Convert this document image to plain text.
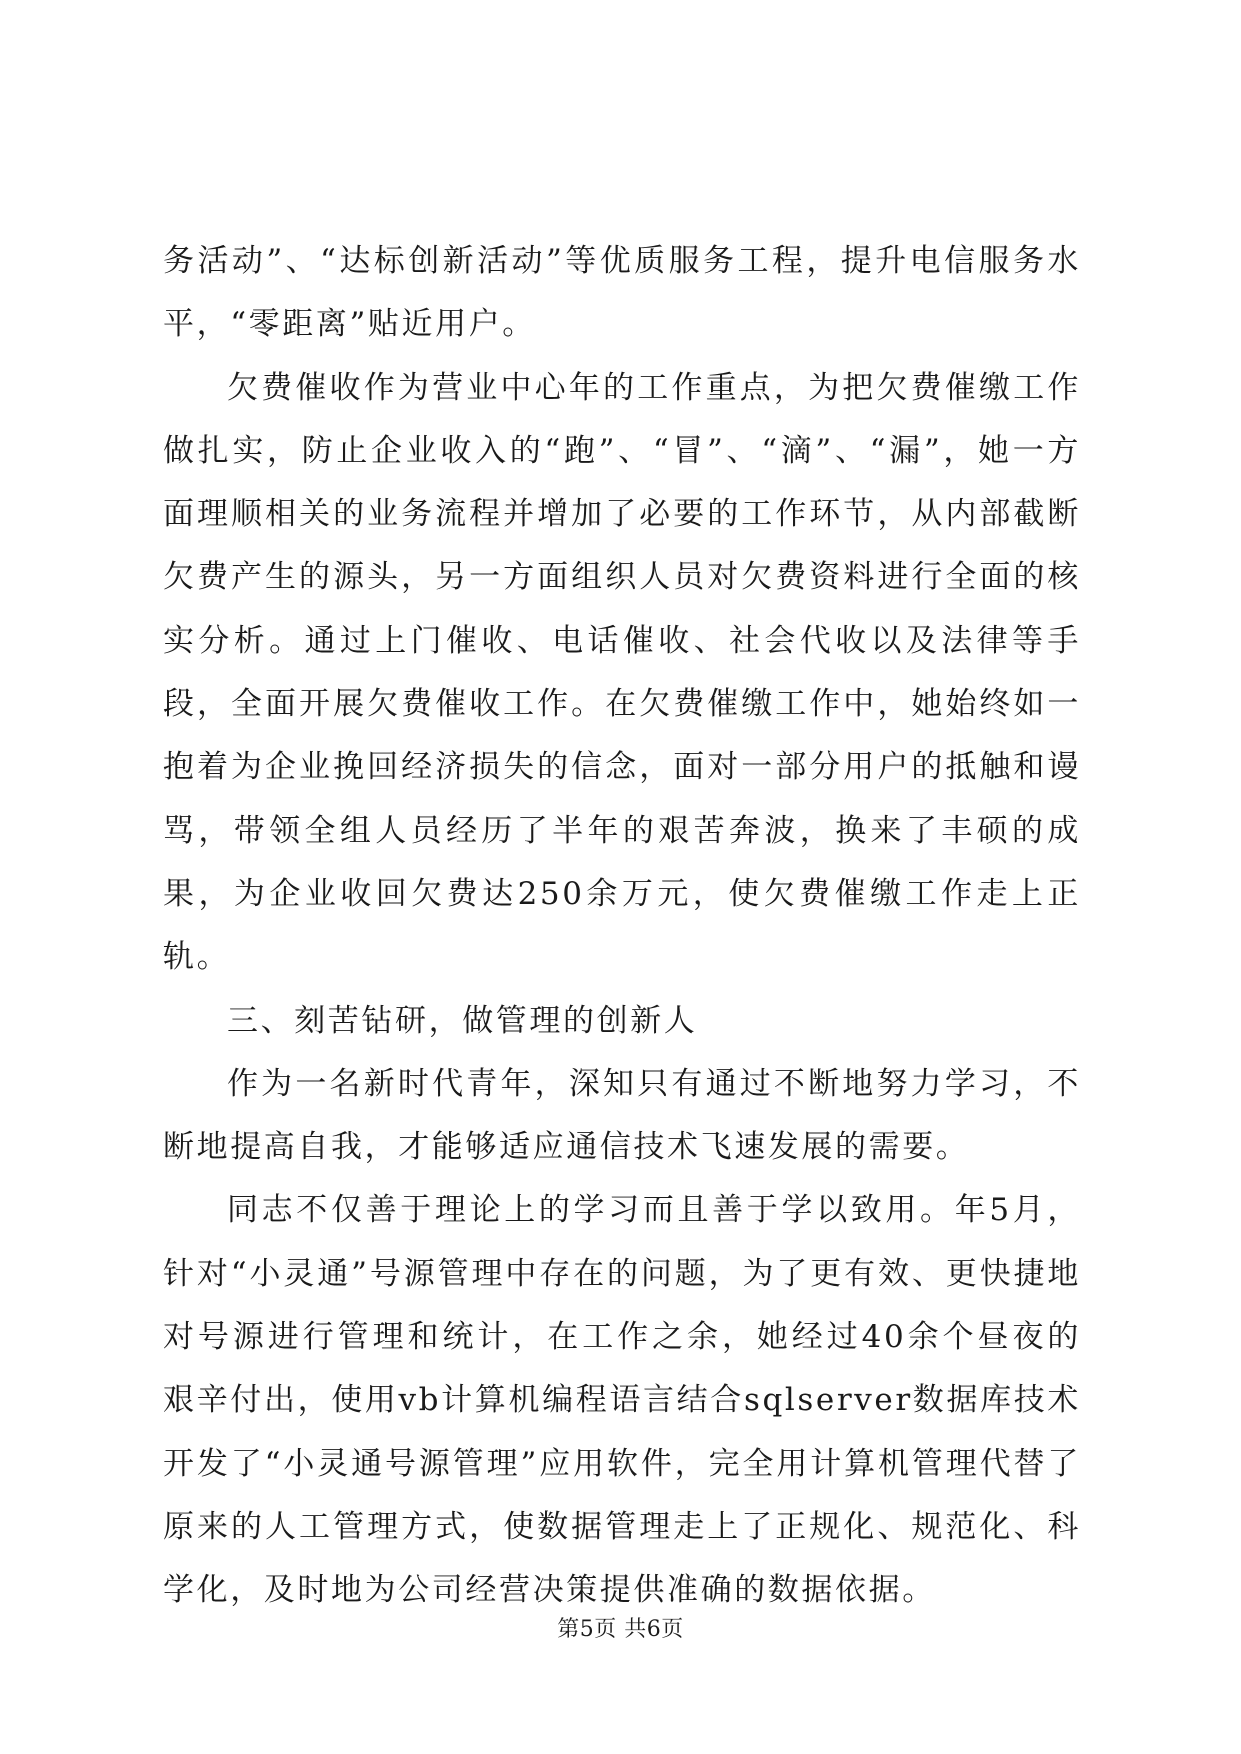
务活动”、“达标创新活动”等优质服务工程，提升电信服务水平，“零距离”贴近用户。

欠费催收作为营业中心年的工作重点，为把欠费催缴工作做扎实，防止企业收入的“跑”、“冒”、“滴”、“漏”，她一方面理顺相关的业务流程并增加了必要的工作环节，从内部截断欠费产生的源头，另一方面组织人员对欠费资料进行全面的核实分析。通过上门催收、电话催收、社会代收以及法律等手段，全面开展欠费催收工作。在欠费催缴工作中，她始终如一抱着为企业挽回经济损失的信念，面对一部分用户的抵触和谩骂，带领全组人员经历了半年的艰苦奔波，换来了丰硕的成果，为企业收回欠费达250余万元，使欠费催缴工作走上正轨。

三、刻苦钻研，做管理的创新人

作为一名新时代青年，深知只有通过不断地努力学习，不断地提高自我，才能够适应通信技术飞速发展的需要。

同志不仅善于理论上的学习而且善于学以致用。年5月，针对“小灵通”号源管理中存在的问题，为了更有效、更快捷地对号源进行管理和统计，在工作之余，她经过40余个昼夜的艰辛付出，使用vb计算机编程语言结合sqlserver数据库技术开发了“小灵通号源管理”应用软件，完全用计算机管理代替了原来的人工管理方式，使数据管理走上了正规化、规范化、科学化，及时地为公司经营决策提供准确的数据依据。

第5页 共6页
